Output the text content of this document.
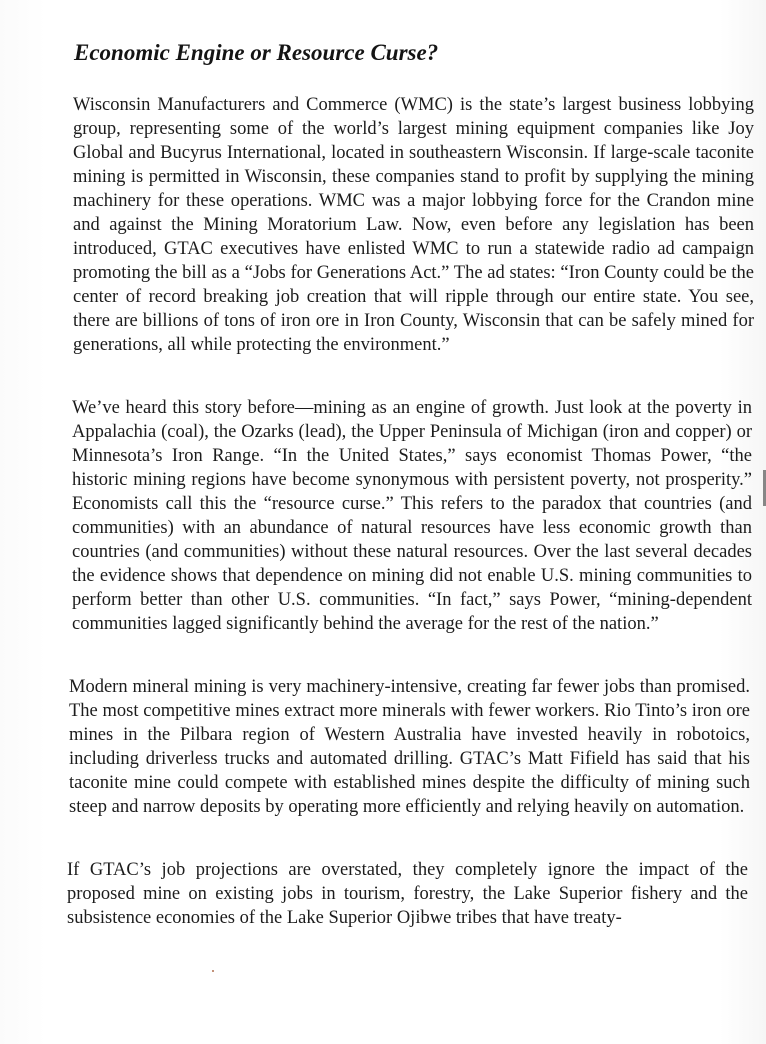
Economic Engine or Resource Curse?

Wisconsin Manufacturers and Commerce (WMC) is the state’s largest business lobbying group, representing some of the world’s largest mining equipment companies like Joy Global and Bucyrus International, located in southeastern Wisconsin. If large-scale taconite mining is permitted in Wisconsin, these companies stand to profit by supplying the mining machinery for these operations. WMC was a major lobbying force for the Crandon mine and against the Mining Moratorium Law. Now, even before any legislation has been introduced, GTAC executives have enlisted WMC to run a statewide radio ad campaign promoting the bill as a “Jobs for Generations Act.” The ad states: “Iron County could be the center of record breaking job creation that will ripple through our entire state. You see, there are billions of tons of iron ore in Iron County, Wisconsin that can be safely mined for generations, all while protecting the environment.”

We’ve heard this story before—mining as an engine of growth. Just look at the poverty in Appalachia (coal), the Ozarks (lead), the Upper Peninsula of Michigan (iron and copper) or Minnesota’s Iron Range. “In the United States,” says economist Thomas Power, “the historic mining regions have become synonymous with persistent poverty, not prosperity.” Economists call this the “resource curse.” This refers to the paradox that countries (and communities) with an abundance of natural resources have less economic growth than countries (and communities) without these natural resources. Over the last several decades the evidence shows that dependence on mining did not enable U.S. mining communities to perform better than other U.S. communities. “In fact,” says Power, “mining-dependent communities lagged significantly behind the average for the rest of the nation.”

Modern mineral mining is very machinery-intensive, creating far fewer jobs than promised. The most competitive mines extract more minerals with fewer workers. Rio Tinto’s iron ore mines in the Pilbara region of Western Australia have invested heavily in robotoics, including driverless trucks and automated drilling. GTAC’s Matt Fifield has said that his taconite mine could compete with established mines despite the difficulty of mining such steep and narrow deposits by operating more efficiently and relying heavily on automation.

If GTAC’s job projections are overstated, they completely ignore the impact of the proposed mine on existing jobs in tourism, forestry, the Lake Superior fishery and the subsistence economies of the Lake Superior Ojibwe tribes that have treaty-
